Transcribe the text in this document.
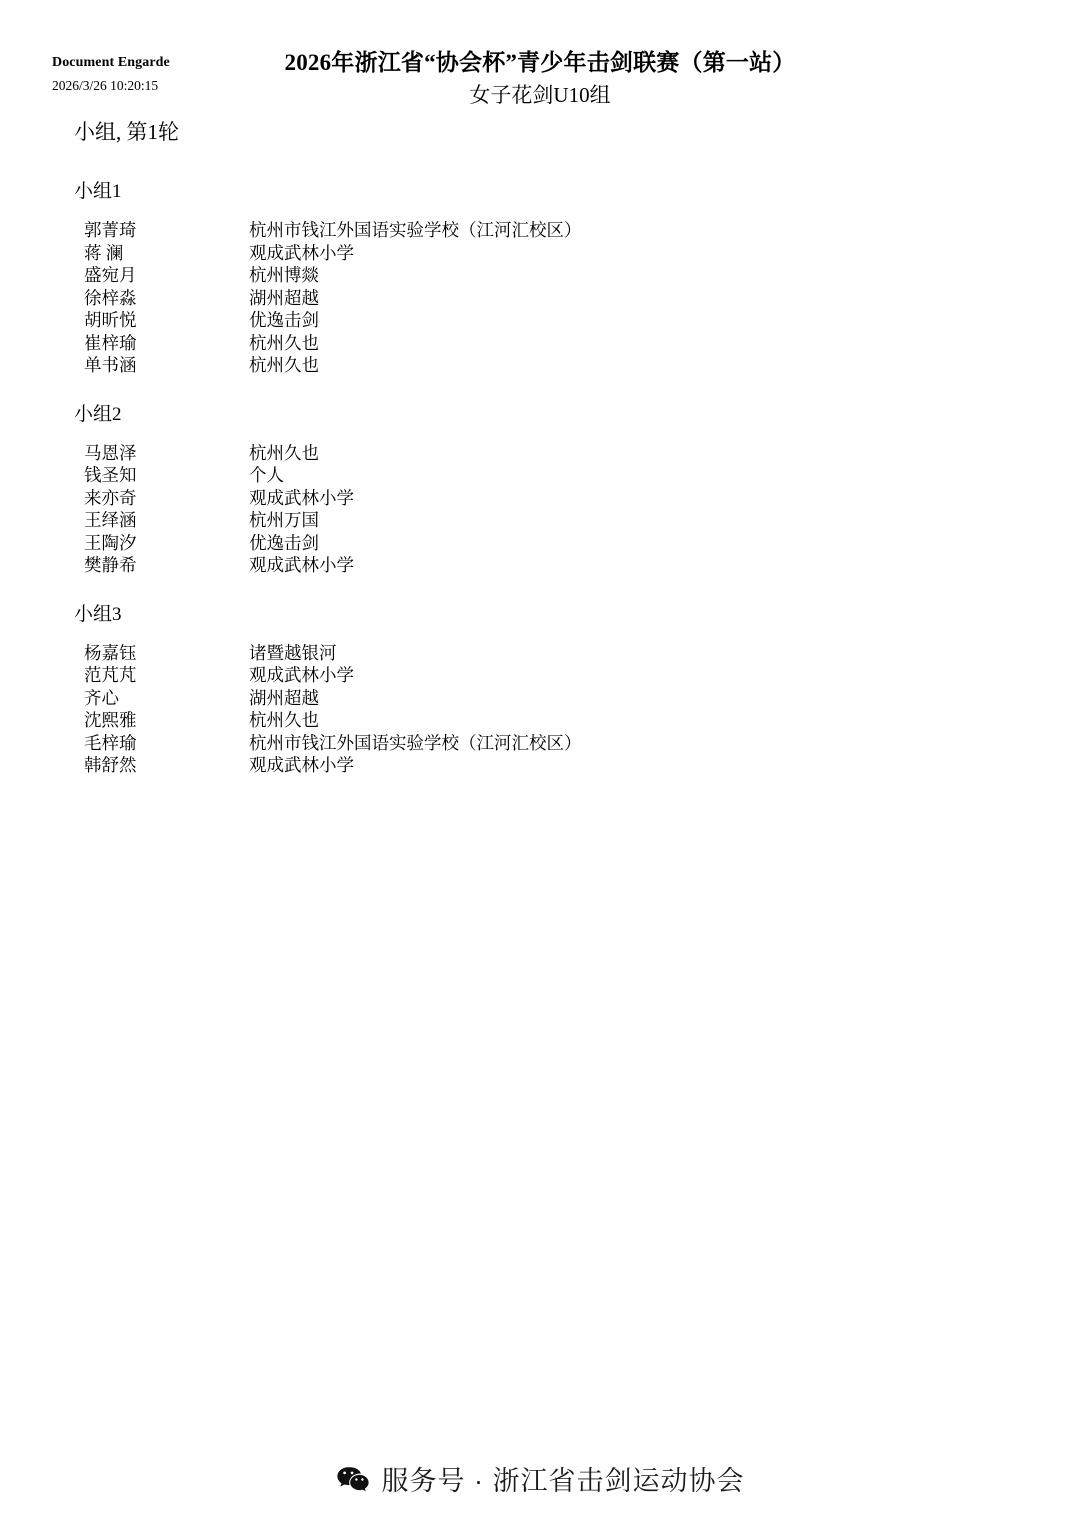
Document Engarde
2026/3/26 10:20:15
2026年浙江省“协会杯”青少年击剑联赛（第一站）
女子花剑U10组
小组, 第1轮
小组1
郭菁琦	杭州市钱江外国语实验学校（江河汇校区）
蒋 澜	观成武林小学
盛宛月	杭州博燚
徐梓淼	湖州超越
胡昕悦	优逸击剑
崔梓瑜	杭州久也
单书涵	杭州久也
小组2
马恩泽	杭州久也
钱圣知	个人
来亦奇	观成武林小学
王绎涵	杭州万国
王陶汐	优逸击剑
樊静希	观成武林小学
小组3
杨嘉钰	诸暨越银河
范芃芃	观成武林小学
齐心	湖州超越
沈熙雅	杭州久也
毛梓瑜	杭州市钱江外国语实验学校（江河汇校区）
韩舒然	观成武林小学
服务号 · 浙江省击剑运动协会
